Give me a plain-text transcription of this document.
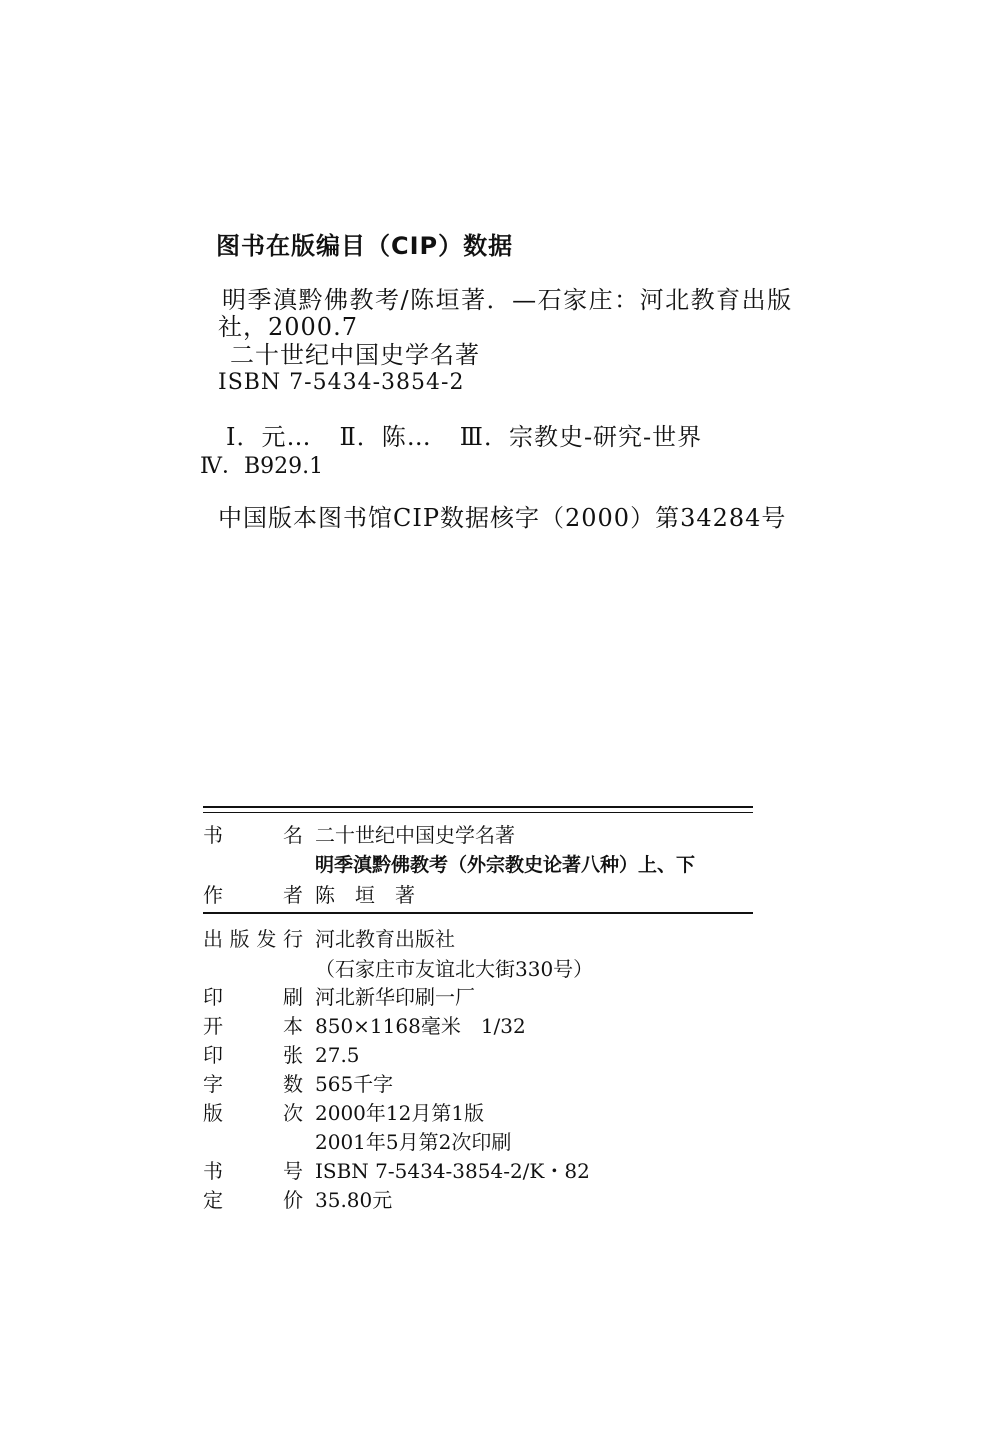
图书在版编目（CIP）数据
明季滇黔佛教考/陈垣著．—石家庄：河北教育出版
社，2000.7
二十世纪中国史学名著
ISBN 7-5434-3854-2
Ⅰ．元… Ⅱ．陈… Ⅲ．宗教史-研究-世界
Ⅳ．B929.1
中国版本图书馆CIP数据核字（2000）第34284号
书　名 二十世纪中国史学名著
明季滇黔佛教考（外宗教史论著八种）上、下
作　者 陈　垣　著
出版发行 河北教育出版社
（石家庄市友谊北大街330号）
印　刷 河北新华印刷一厂
开　本 850×1168毫米　1/32
印　张 27.5
字　数 565千字
版　次 2000年12月第1版
2001年5月第2次印刷
书　号 ISBN 7-5434-3854-2/K・82
定　价 35.80元
